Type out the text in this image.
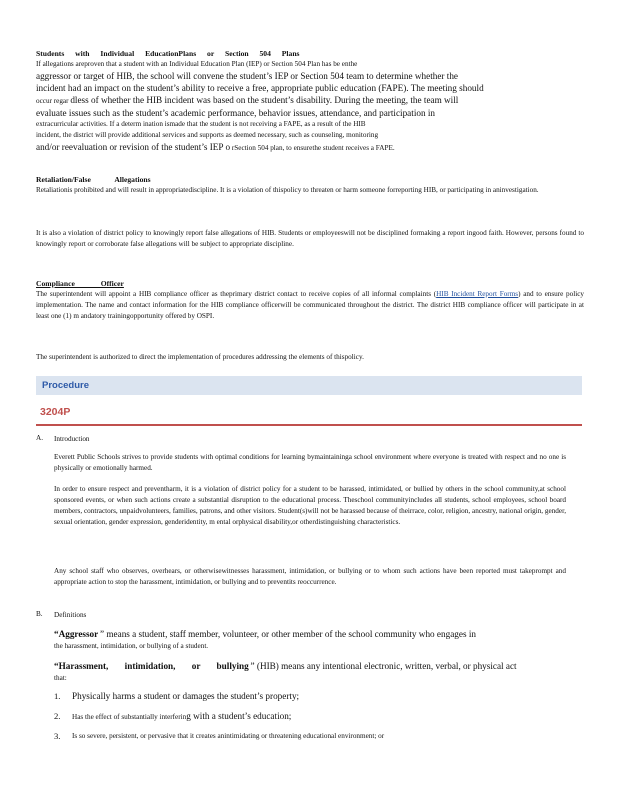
Students with Individual EducationPlans or Section 504 Plans

If allegations areproven that a student with an Individual Education Plan (IEP) or Section 504 Plan has be enthe

aggressor or target of HIB, the school will convene the student’s IEP or Section 504 team to determine whether the

incident had an impact on the student’s ability to receive a free, appropriate public education (FAPE). The meeting should

occur regar dless of whether the HIB incident was based on the student’s disability. During the meeting, the team will

evaluate issues such as the student’s academic performance, behavior issues, attendance, and participation in

extracurricular activities. If a determ ination ismade that the student is not receiving a FAPE, as a result of the HIB

incident, the district will provide additional services and supports as deemed necessary, such as counseling, monitoring

and/or reevaluation or revision of the student’s IEP o rSection 504 plan, to ensurethe student receives a FAPE.

Retaliation/False Allegations

Retaliationis prohibited and will result in appropriatediscipline. It is a violation of thispolicy to threaten or harm someone forreporting HIB, or participating in aninvestigation.

It is also a violation of district policy to knowingly report false allegations of HIB. Students or employeeswill not be disciplined formaking a report ingood faith. However, persons found to knowingly report or corroborate false allegations will be subject to appropriate discipline.

Compliance Officer

The superintendent will appoint a HIB compliance officer as theprimary district contact to receive copies of all informal complaints (HIB Incident Report Forms) and to ensure policy implementation. The name and contact information for the HIB compliance officerwill be communicated throughout the district. The district HIB compliance officer will participate in at least one (1) m andatory trainingopportunity offered by OSPI.

The superintendent is authorized to direct the implementation of procedures addressing the elements of thispolicy.

Procedure
3204P
A. Introduction
Everett Public Schools strives to provide students with optimal conditions for learning bymaintaininga school environment where everyone is treated with respect and no one is physically or emotionally harmed.
In order to ensure respect and preventharm, it is a violation of district policy for a student to be harassed, intimidated, or bullied by others in the school community,at school sponsored events, or when such actions create a substantial disruption to the educational process. Theschool communityincludes all students, school employees, school board members, contractors, unpaidvolunteers, families, patrons, and other visitors. Student(s)will not be harassed because of theirrace, color, religion, ancestry, national origin, gender, sexual orientation, gender expression, genderidentity, m ental orphysical disability,or otherdistinguishing characteristics.
Any school staff who observes, overhears, or otherwisewitnesses harassment, intimidation, or bullying or to whom such actions have been reported must takeprompt and appropriate action to stop the harassment, intimidation, or bullying and to preventits reoccurrence.
B. Definitions

“Aggressor ” means a student, staff member, volunteer, or other member of the school community who engages in

the harassment, intimidation, or bullying of a student.

“Harassment, intimidation, or bullying ” (HIB) means any intentional electronic, written, verbal, or physical act

that:

1. Physically harms a student or damages the student’s property;
2. Has the effect of substantially interfering with a student’s education;
3. Is so severe, persistent, or pervasive that it creates anintimidating or threatening educational environment; or
